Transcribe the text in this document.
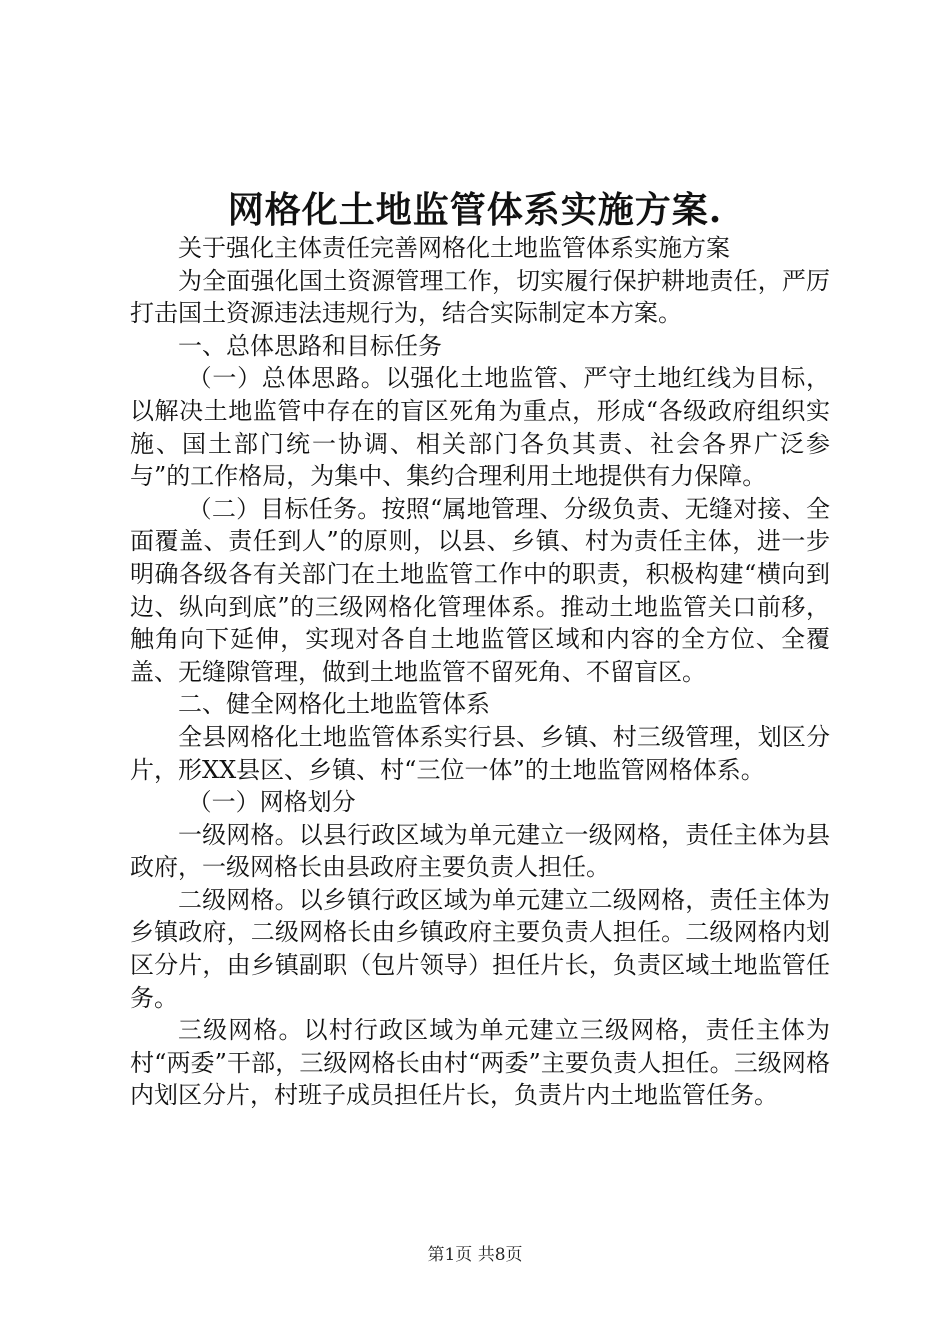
网格化土地监管体系实施方案.

关于强化主体责任完善网格化土地监管体系实施方案

为全面强化国土资源管理工作，切实履行保护耕地责任，严厉打击国土资源违法违规行为，结合实际制定本方案。

一、总体思路和目标任务

（一）总体思路。以强化土地监管、严守土地红线为目标，以解决土地监管中存在的盲区死角为重点，形成“各级政府组织实施、国土部门统一协调、相关部门各负其责、社会各界广泛参与”的工作格局，为集中、集约合理利用土地提供有力保障。

（二）目标任务。按照“属地管理、分级负责、无缝对接、全面覆盖、责任到人”的原则，以县、乡镇、村为责任主体，进一步明确各级各有关部门在土地监管工作中的职责，积极构建“横向到边、纵向到底”的三级网格化管理体系。推动土地监管关口前移，触角向下延伸，实现对各自土地监管区域和内容的全方位、全覆盖、无缝隙管理，做到土地监管不留死角、不留盲区。

二、健全网格化土地监管体系

全县网格化土地监管体系实行县、乡镇、村三级管理，划区分片，形XX县区、乡镇、村“三位一体”的土地监管网格体系。

（一）网格划分

一级网格。以县行政区域为单元建立一级网格，责任主体为县政府，一级网格长由县政府主要负责人担任。

二级网格。以乡镇行政区域为单元建立二级网格，责任主体为乡镇政府，二级网格长由乡镇政府主要负责人担任。二级网格内划区分片，由乡镇副职（包片领导）担任片长，负责区域土地监管任务。

三级网格。以村行政区域为单元建立三级网格，责任主体为村“两委”干部，三级网格长由村“两委”主要负责人担任。三级网格内划区分片，村班子成员担任片长，负责片内土地监管任务。

第1页 共8页
